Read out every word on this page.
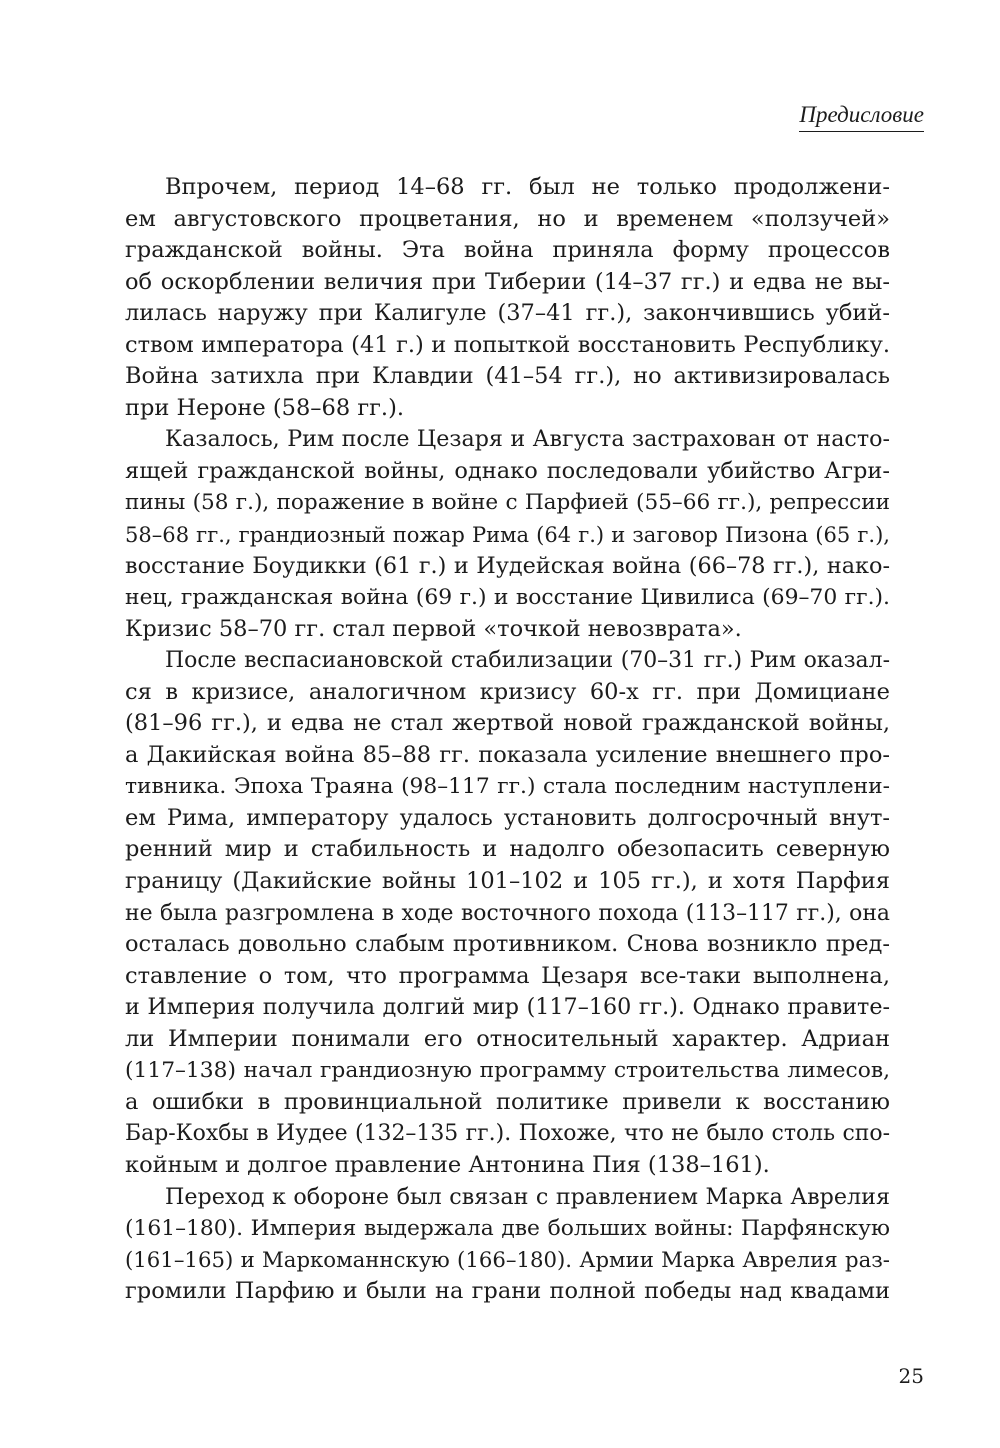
Предисловие
Впрочем, период 14–68 гг. был не только продолжени-
ем августовского процветания, но и временем «ползучей»
гражданской войны. Эта война приняла форму процессов
об оскорблении величия при Тиберии (14–37 гг.) и едва не вы-
лилась наружу при Калигуле (37–41 гг.), закончившись убий-
ством императора (41 г.) и попыткой восстановить Республику.
Война затихла при Клавдии (41–54 гг.), но активизировалась
при Нероне (58–68 гг.).
Казалось, Рим после Цезаря и Августа застрахован от насто-
ящей гражданской войны, однако последовали убийство Агри-
пины (58 г.), поражение в войне с Парфией (55–66 гг.), репрессии
58–68 гг., грандиозный пожар Рима (64 г.) и заговор Пизона (65 г.),
восстание Боудикки (61 г.) и Иудейская война (66–78 гг.), нако-
нец, гражданская война (69 г.) и восстание Цивилиса (69–70 гг.).
Кризис 58–70 гг. стал первой «точкой невозврата».
После веспасиановской стабилизации (70–31 гг.) Рим оказал-
ся в кризисе, аналогичном кризису 60-х гг. при Домициане
(81–96 гг.), и едва не стал жертвой новой гражданской войны,
а Дакийская война 85–88 гг. показала усиление внешнего про-
тивника. Эпоха Траяна (98–117 гг.) стала последним наступлени-
ем Рима, императору удалось установить долгосрочный внут-
ренний мир и стабильность и надолго обезопасить северную
границу (Дакийские войны 101–102 и 105 гг.), и хотя Парфия
не была разгромлена в ходе восточного похода (113–117 гг.), она
осталась довольно слабым противником. Снова возникло пред-
ставление о том, что программа Цезаря все-таки выполнена,
и Империя получила долгий мир (117–160 гг.). Однако правите-
ли Империи понимали его относительный характер. Адриан
(117–138) начал грандиозную программу строительства лимесов,
а ошибки в провинциальной политике привели к восстанию
Бар-Кохбы в Иудее (132–135 гг.). Похоже, что не было столь спо-
койным и долгое правление Антонина Пия (138–161).
Переход к обороне был связан с правлением Марка Аврелия
(161–180). Империя выдержала две больших войны: Парфянскую
(161–165) и Маркоманнскую (166–180). Армии Марка Аврелия раз-
громили Парфию и были на грани полной победы над квадами
25
